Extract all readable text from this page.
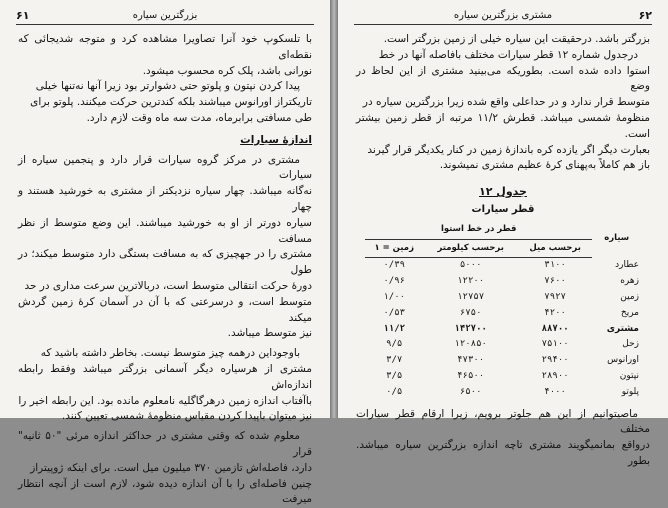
۶۱	بزرگترین سیاره

با تلسکوپ خود آنرا تصاویرا مشاهده کرد و متوجه شدیجائی که نقطه‌ای

نورانی باشد، پلک کره محسوب میشود.

پیدا کردن نپتون و پلوتو حتی دشوارتر بود زیرا آنها نه‌تنها خیلی

تاریکتراز اورانوس میباشند بلکه کندترین حرکت میکنند. پلوتو برای

طی مسافتی برابرماه، مدت سه ماه وقت لازم دارد.

اندازهٔ سیارات

مشتری در مرکز گروه سیارات قرار دارد و پنجمین سیاره از سیارات

نه‌گانه میباشد. چهار سیاره نزدیکتر از مشتری به خورشید هستند و چهار

سیاره دورتر از او به خورشید میباشند. این وضع متوسط از نظر مسافت

مشتری را در جهچیزی که به مسافت بستگی دارد متوسط میکند؛ در طول

دورهٔ حرکت انتقالی متوسط است، دربالاترین سرعت مداری در حد

متوسط است، و درسرعتی که با آن در آسمان کرهٔ زمین گردش میکند

نیز متوسط میباشد.

باوجوداین درهمه چیز متوسط نیست. بخاطر داشته باشید که

مشتری از هرسیاره دیگر آسمانی بزرگتر میباشد وفقط رابطه اندازه‌اش

باآفتاب اندازه زمین درهرگاگلیه نامعلوم مانده بود. این رابطه اخیر را

نیز میتوان باپیدا کردن مقیاس منظومهٔ شمسی تعیین کنند.

معلوم شده که وقتی مشتری در حداکثر اندازه مرئی "۵۰ ثانیه" قرار

دارد، فاصله‌اش تازمین ۳۷۰ میلیون میل است. برای اینکه ژوپیتراز

چنین فاصله‌ای را با آن اندازه دیده شود، لازم است از آنچه انتظار میرفت

۶۲
مشتری بزرگترین سیاره

بزرگتر باشد. درحقیقت این سیاره خیلی از زمین بزرگتر است.

درجدول شماره ۱۲ قطر سیارات مختلف بافاصله آنها در خط

استوا داده شده است. بطوریکه می‌بینید مشتری از این لحاظ در وضع

متوسط قرار ندارد و در حداعلی واقع شده زیرا بزرگترین سیاره در

منظومهٔ شمسی میباشد. قطرش ۱۱/۲ مرتبه از قطر زمین بیشتر است.

بعبارت دیگر اگر یازده کره باندازهٔ زمین در کنار یکدیگر قرار گیرند

باز هم کاملاً به‌پهنای کرهٔ عظیم مشتری نمیشوند.

جدول ۱۲
قطر سیارات
سیاره	قطر در خط استوا		
	برحسب میل	برحسب کیلومتر	زمین = ۱
عطارد	۳۱۰۰	۵۰۰۰	۰/۳۹
زهره	۷۶۰۰	۱۲۲۰۰	۰/۹۶
زمین	۷۹۲۷	۱۲۷۵۷	۱/۰۰
مریخ	۴۲۰۰	۶۷۵۰	۰/۵۳
مشتری	۸۸۷۰۰	۱۴۲۷۰۰	۱۱/۲
زحل	۷۵۱۰۰	۱۲۰۸۵۰	۹/۵
اورانوس	۲۹۴۰۰	۴۷۳۰۰	۳/۷
نپتون	۲۸۹۰۰	۴۶۵۰۰	۳/۵
پلوتو	۴۰۰۰	۶۵۰۰	۰/۵

ماصیتوانیم از این هم جلوتر برویم، زیرا ارقام قطر سیارات مختلف

درواقع بمانمیگویند مشتری تاچه اندازه بزرگترین سیاره میباشد. بطور
